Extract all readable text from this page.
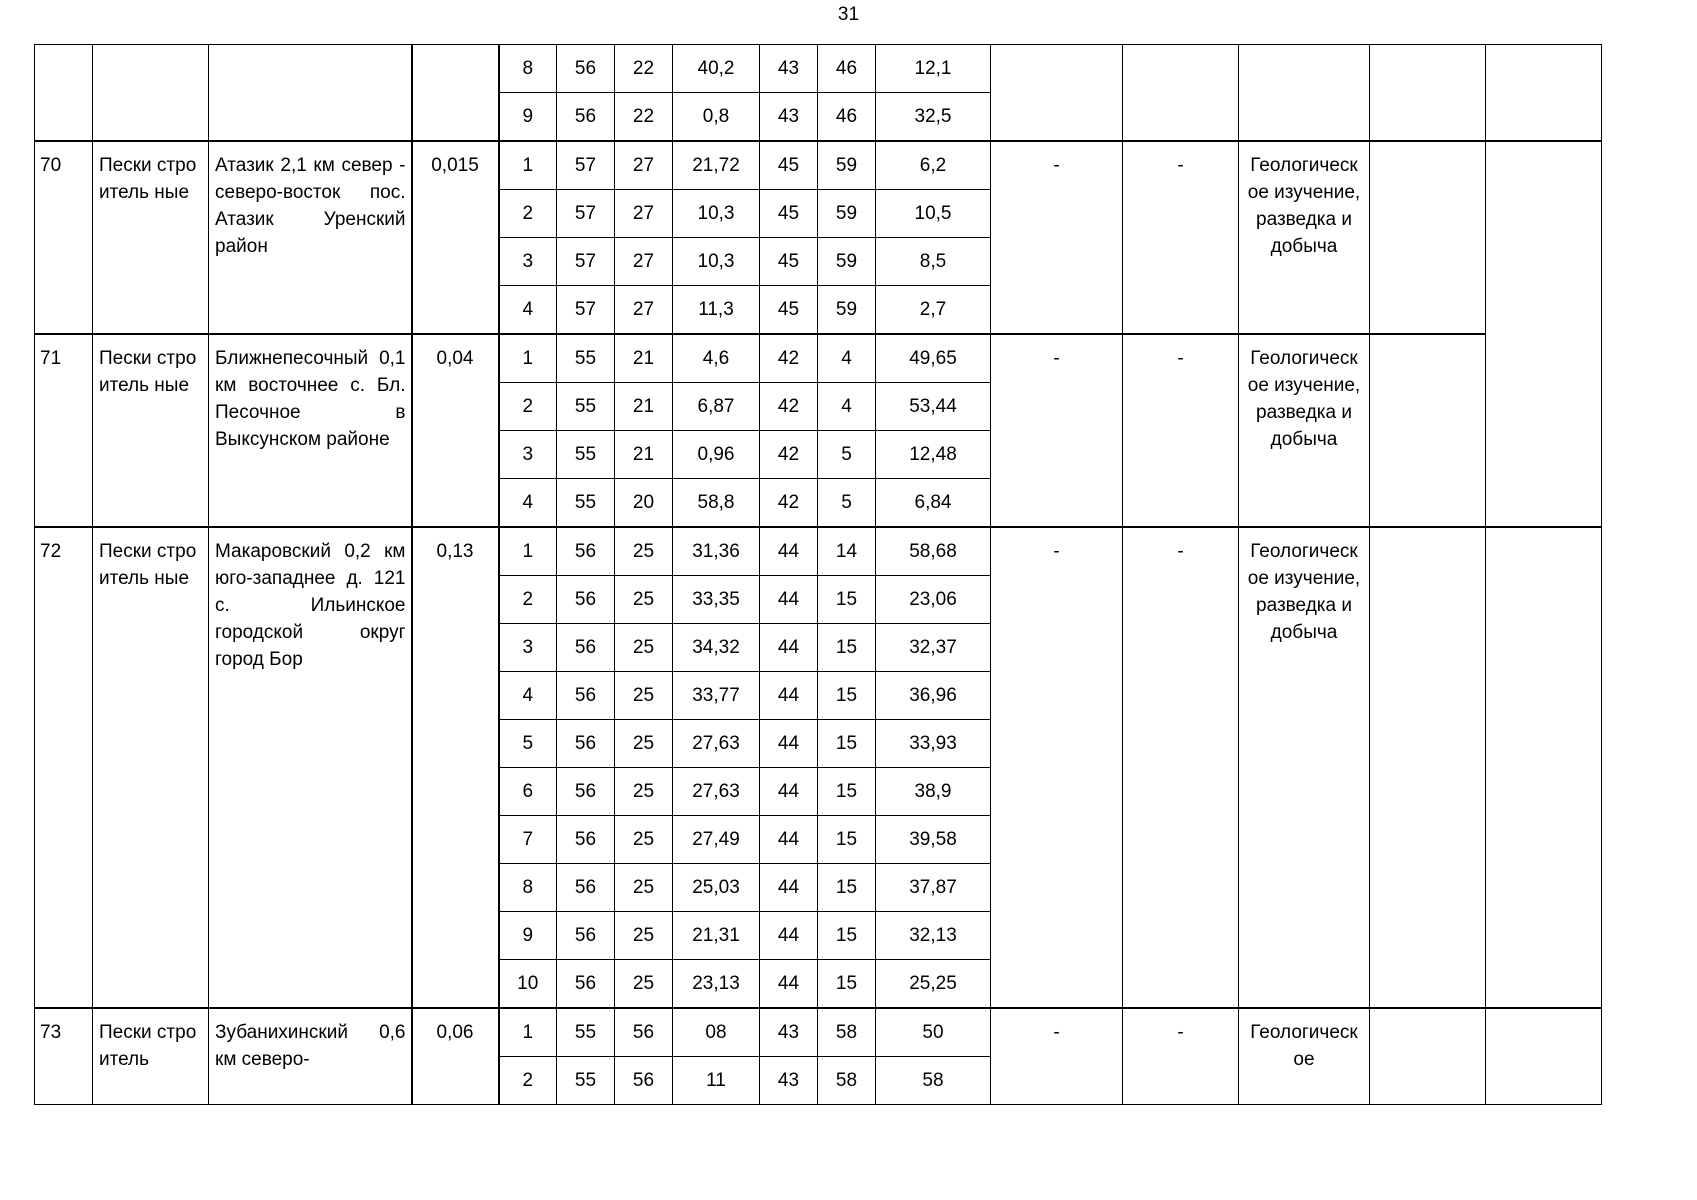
31
				8	56	22	40,2	43	46	12,1					
				9	56	22	0,8	43	46	32,5					
70	Пески строитель ные	Атазик 2,1 км север - северо-восток пос. Атазик Уренский район	0,015	1	57	27	21,72	45	59	6,2	-	-	Геологическ ое изучение, разведка и добыча		
				2	57	27	10,3	45	59	10,5					
				3	57	27	10,3	45	59	8,5					
				4	57	27	11,3	45	59	2,7					
71	Пески строитель ные	Ближнепесочный 0,1 км восточнее с. Бл. Песочное в Выксунском районе	0,04	1	55	21	4,6	42	4	49,65	-	-	Геологическ ое изучение, разведка и добыча		
				2	55	21	6,87	42	4	53,44					
				3	55	21	0,96	42	5	12,48					
				4	55	20	58,8	42	5	6,84					
72	Пески строитель ные	Макаровский 0,2 км юго-западнее д. 121 с. Ильинское городской округ город Бор	0,13	1	56	25	31,36	44	14	58,68	-	-	Геологическ ое изучение, разведка и добыча		
				2	56	25	33,35	44	15	23,06					
				3	56	25	34,32	44	15	32,37					
				4	56	25	33,77	44	15	36,96					
				5	56	25	27,63	44	15	33,93					
				6	56	25	27,63	44	15	38,9					
				7	56	25	27,49	44	15	39,58					
				8	56	25	25,03	44	15	37,87					
				9	56	25	21,31	44	15	32,13					
				10	56	25	23,13	44	15	25,25					
73	Пески строитель	Зубанихинский 0,6 км северо-	0,06	1	55	56	08	43	58	50	-	-	Геологическ ое		
				2	55	56	11	43	58	58					
